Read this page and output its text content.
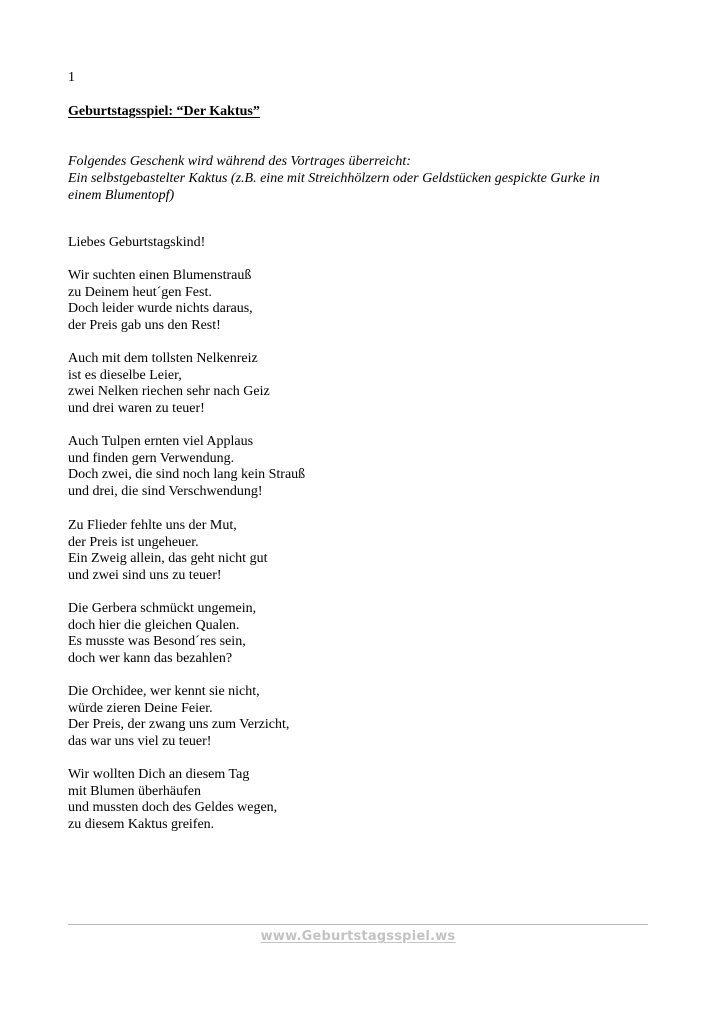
1
Geburtstagsspiel: “Der Kaktus”
Folgendes Geschenk wird während des Vortrages überreicht:
Ein selbstgebastelter Kaktus (z.B. eine mit Streichhölzern oder Geldstücken gespickte Gurke in
einem Blumentopf)
Liebes Geburtstagskind!
Wir suchten einen Blumenstrauß
zu Deinem heut´gen Fest.
Doch leider wurde nichts daraus,
der Preis gab uns den Rest!
Auch mit dem tollsten Nelkenreiz
ist es dieselbe Leier,
zwei Nelken riechen sehr nach Geiz
und drei waren zu teuer!
Auch Tulpen ernten viel Applaus
und finden gern Verwendung.
Doch zwei, die sind noch lang kein Strauß
und drei, die sind Verschwendung!
Zu Flieder fehlte uns der Mut,
der Preis ist ungeheuer.
Ein Zweig allein, das geht nicht gut
und zwei sind uns zu teuer!
Die Gerbera schmückt ungemein,
doch hier die gleichen Qualen.
Es musste was Besond´res sein,
doch wer kann das bezahlen?
Die Orchidee, wer kennt sie nicht,
würde zieren Deine Feier.
Der Preis, der zwang uns zum Verzicht,
das war uns viel zu teuer!
Wir wollten Dich an diesem Tag
mit Blumen überhäufen
und mussten doch des Geldes wegen,
zu diesem Kaktus greifen.
www.Geburtstagsspiel.ws
